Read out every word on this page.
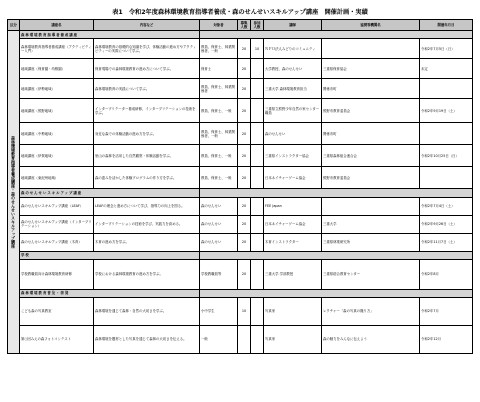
表1　令和2年度森林環境教育指導者養成・森のせんせいスキルアップ講座　開催計画・実績
区分	講座名	内容など	対象者	募集人数	参加人数	講師	協賛等機関名	開催年月日
森林環境教育指導者養成講座・森のせんせいスキルアップ講座	森林環境教育指導者養成講座							
	森林環境教育指導者養成講座（アクティビティー入門）	森林環境教育の基礎的な知識を学び、体験活動の進め方やアクティビティーの実際について学ぶ。	教員、保育士、林業関係者、一般	20	10	ＮＰＯ法人みどりのコミュニティ		令和2年7月5日（日）
	地域講座（保育園・幼稚園）	保育現場での森林環境教育の進め方について学ぶ。	保育士	20		大学教授、森のせんせい	三重県保育協会	未定
	地域講座（伊勢地域）	森林環境教育の実践について学ぶ。	教員、保育士、林業関係者	20		三重大学 森林環境教育担当	関係市町	
	地域講座（熊野地域）	インタープリテーター養成研修、インタープリテーションの技術を学ぶ。	教員、保育士、一般	20		三重県立熊野少年自然の家センター職員	熊野市教育委員会	令和2年9月19日（土）
	地域講座（中勢地域）	身近な森での体験活動の進め方を学ぶ。	教員、保育士、林業関係者、一般	20		森のせんせい	関係市町	
	地域講座（伊賀地域）	里山の森林を活用した自然観察・体験活動を学ぶ。	教員、保育士、一般	20		三重県インストラクター協会	三重県森林組合連合会	令和2年10月25日（日）
	地域講座（東紀州地域）	森の恵みを活かした体験プログラムの作り方を学ぶ。	教員、保育士、一般	20		日本ネイチャーゲーム協会	熊野市教育委員会	
	森のせんせいスキルアップ講座							
	森のせんせいスキルアップ講座（LEAF）	LEAFの理念と進め方について学び、指導力の向上を図る。	森のせんせい	20		FEE Japan		令和2年7月4日（土）
	森のせんせいスキルアップ講座（インタープリテーション）	インタープリテーションの技術を学び、実践力を高める。	森のせんせい	20		日本ネイチャーゲーム協会	三重大学	令和2年9月26日（土）
	森のせんせいスキルアップ講座（木育）	木育の進め方を学ぶ。	森のせんせい	20		木育インストラクター	三重県林業研究所	令和2年11月7日（土）
	学校							
	学校教職員向け森林環境教育研修	学校における森林環境教育の進め方を学ぶ。	学校教職員等	20		三重大学 学部教授	三重県総合教育センター	令和2年8月
	森林環境教育普及・啓発							
	こども森の写真教室	森林環境を通じて森林・自然の大切さを学ぶ。	小中学生	10		写真家	レクチャー「森の写真の撮り方」	令和2年7月
	第○回みえの森フォトコンテスト	森林環境を題材とした写真を通じて森林の大切さを伝える。	一般			写真家	森の魅力をみんなに伝えよう	令和2年12月
